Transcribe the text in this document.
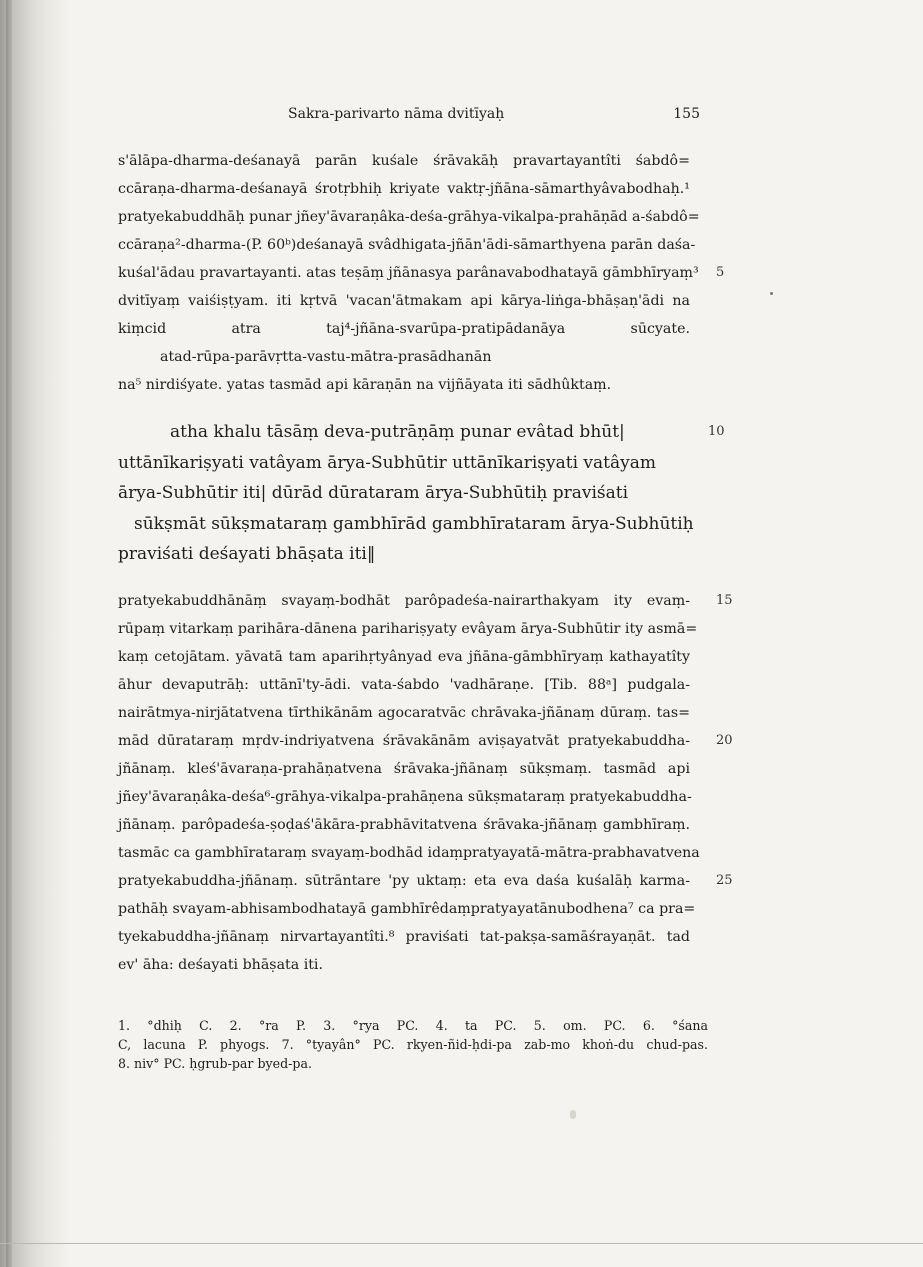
Sakra-parivarto nāma dvitīyaḥ	155
s'ālāpa-dharma-deśanayā parān kuśale śrāvakāḥ pravartayantîti śabdô=
ccāraṇa-dharma-deśanayā śrotṛbhiḥ kriyate vaktṛ-jñāna-sāmarthyâvabodhaḥ.¹
pratyekabuddhāḥ punar jñey'āvaraṇâka-deśa-grāhya-vikalpa-prahāṇād a-śabdô=
ccāraṇa²-dharma-(P. 60ᵇ)deśanayā svâdhigata-jñān'ādi-sāmarthyena parān daśa-
kuśal'ādau pravartayanti. atas teṣāṃ jñānasya parânavabodhatayā gāmbhīryaṃ³ 5
dvitīyaṃ vaiśiṣṭyam. iti kṛtvā 'vacan'ātmakam api kārya-liṅga-bhāṣaṇ'ādi na
kiṃcid atra taj⁴-jñāna-svarūpa-pratipādanāya sūcyate.
atad-rūpa-parāvṛtta-vastu-mātra-prasādhanān
na⁵ nirdiśyate. yatas tasmād api kāraṇān na vijñāyata iti sādhûktaṃ.
atha khalu tāsāṃ deva-putrāṇāṃ punar evâtad bhūt|	10
uttānīkariṣyati vatâyam ārya-Subhūtir uttānīkariṣyati vatâyam
ārya-Subhūtir iti| dūrād dūrataram ārya-Subhūtiḥ praviśati
sūkṣmāt sūkṣmataraṃ gambhīrād gambhīrataram ārya-Subhūtiḥ
praviśati deśayati bhāṣata iti‖
pratyekabuddhānāṃ svayaṃ-bodhāt parôpadeśa-nairarthakyam ity evaṃ- 15
rūpaṃ vitarkaṃ parihāra-dānena parihariṣyaty evâyam ārya-Subhūtir ity asmā=
kaṃ cetojātam. yāvatā tam aparihṛtyânyad eva jñāna-gāmbhīryaṃ kathayatîty
āhur devaputrāḥ: uttānī'ty-ādi. vata-śabdo 'vadhāraṇe. [Tib. 88ᵃ] pudgala-
nairātmya-nirjātatvena tīrthikānām agocaratvāc chrāvaka-jñānaṃ dūraṃ. tas=
mād dūrataraṃ mṛdv-indriyatvena śrāvakānām aviṣayatvāt pratyekabuddha- 20
jñānaṃ. kleś'āvaraṇa-prahāṇatvena śrāvaka-jñānaṃ sūkṣmaṃ. tasmād api
jñey'āvaraṇâka-deśa⁶-grāhya-vikalpa-prahāṇena sūkṣmataraṃ pratyekabuddha-
jñānaṃ. parôpadeśa-ṣoḍaś'ākāra-prabhāvitatvena śrāvaka-jñānaṃ gambhīraṃ.
tasmāc ca gambhīrataraṃ svayaṃ-bodhād idaṃpratyayatā-mātra-prabhavatvena
pratyekabuddha-jñānaṃ. sūtrāntare 'py uktaṃ: eta eva daśa kuśalāḥ karma- 25
pathāḥ svayam-abhisambodhatayā gambhīrêdaṃpratyayatānubodhena⁷ ca pra=
tyekabuddha-jñānaṃ nirvartayantîti.⁸ praviśati tat-pakṣa-samāśrayaṇāt. tad
ev' āha: deśayati bhāṣata iti.
1. °dhiḥ C. 2. °ra P. 3. °rya PC. 4. ta PC. 5. om. PC. 6. °śana
C, lacuna P. phyogs. 7. °tyayân° PC. rkyen-ñid-ḥdi-pa zab-mo khoṅ-du chud-pas.
8. niv° PC. ḥgrub-par byed-pa.
